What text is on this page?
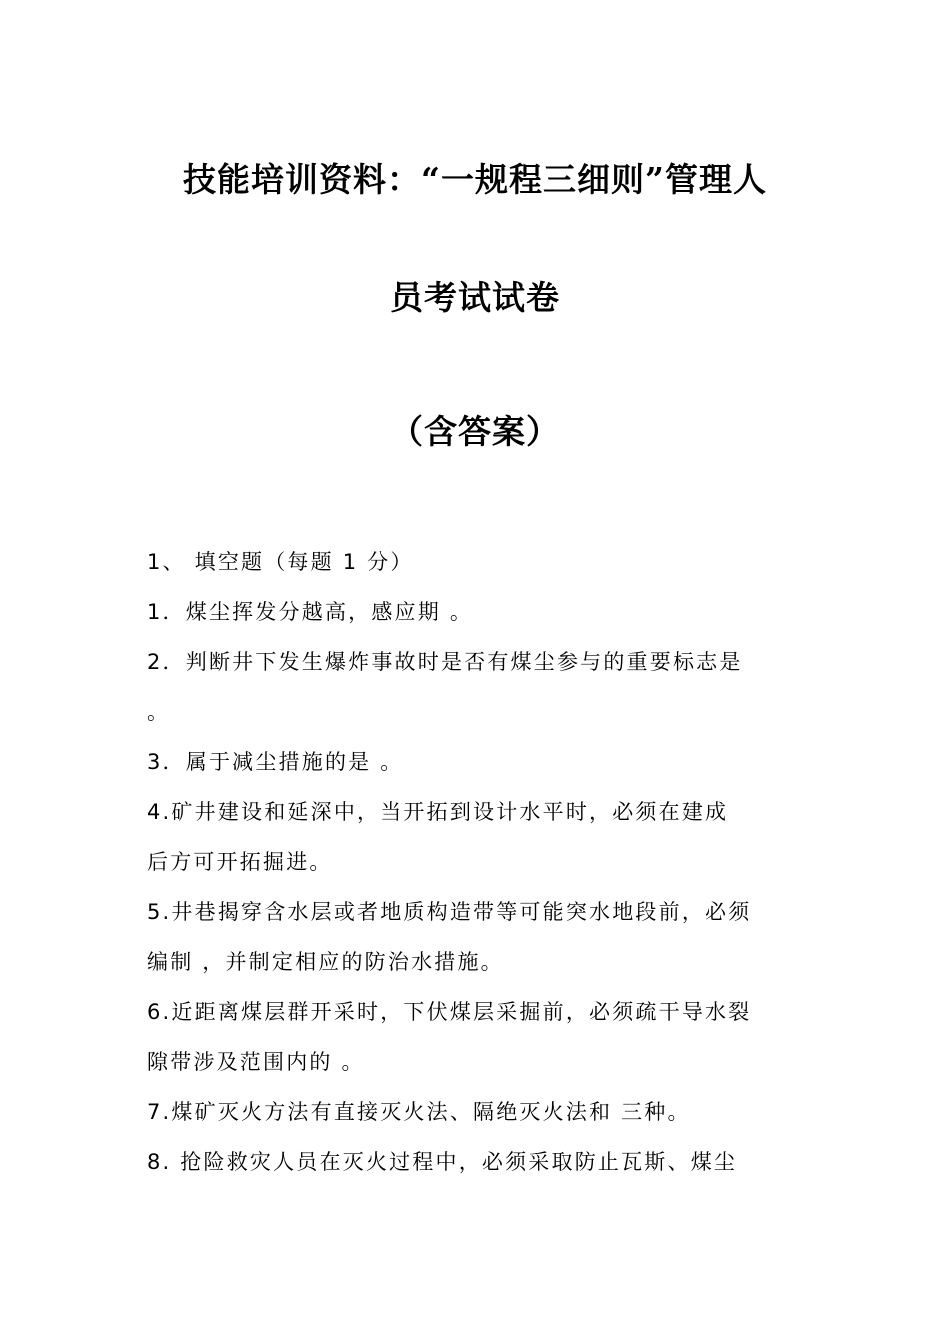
技能培训资料：“一规程三细则”管理人
员考试试卷
（含答案）
1、 填空题（每题 1 分）
1．煤尘挥发分越高，感应期 。
2．判断井下发生爆炸事故时是否有煤尘参与的重要标志是
。
3．属于减尘措施的是 。
4.矿井建设和延深中，当开拓到设计水平时，必须在建成
后方可开拓掘进。
5.井巷揭穿含水层或者地质构造带等可能突水地段前，必须
编制 ，并制定相应的防治水措施。
6.近距离煤层群开采时，下伏煤层采掘前，必须疏干导水裂
隙带涉及范围内的 。
7.煤矿灭火方法有直接灭火法、隔绝灭火法和 三种。
8. 抢险救灾人员在灭火过程中，必须采取防止瓦斯、煤尘
